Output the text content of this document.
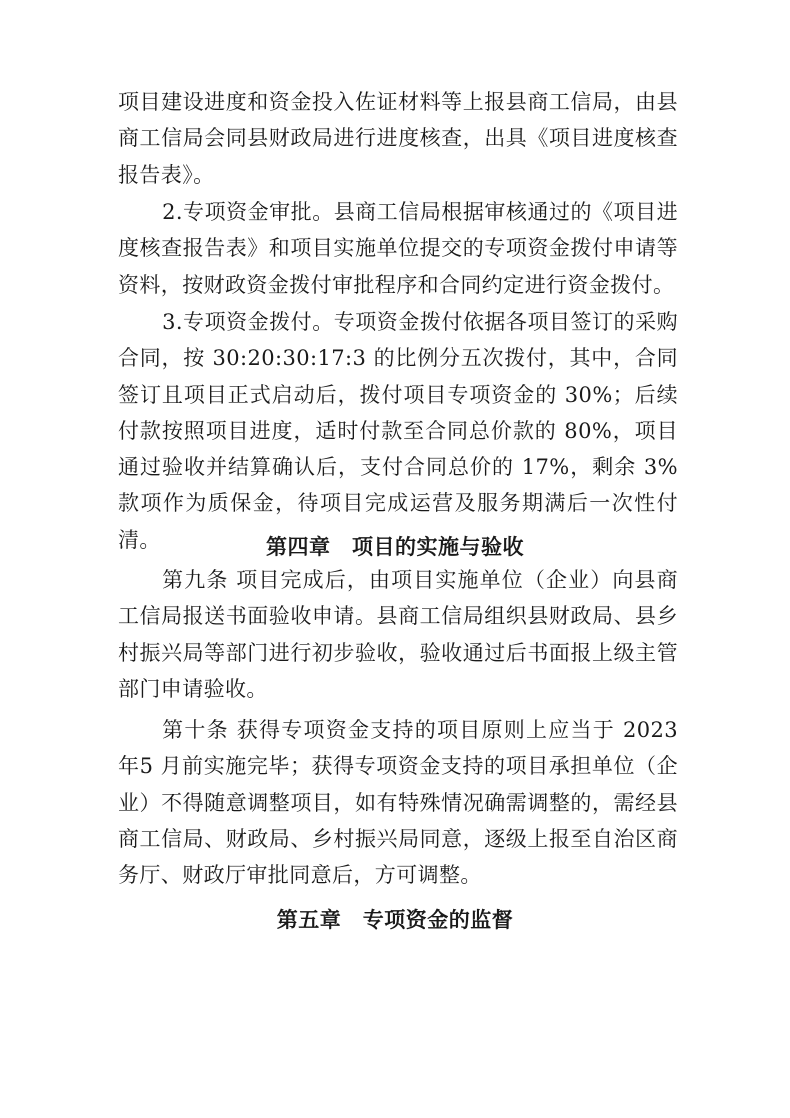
项目建设进度和资金投入佐证材料等上报县商工信局，由县商工信局会同县财政局进行进度核查，出具《项目进度核查报告表》。

2.专项资金审批。县商工信局根据审核通过的《项目进度核查报告表》和项目实施单位提交的专项资金拨付申请等资料，按财政资金拨付审批程序和合同约定进行资金拨付。

3.专项资金拨付。专项资金拨付依据各项目签订的采购合同，按 30:20:30:17:3 的比例分五次拨付，其中，合同签订且项目正式启动后，拨付项目专项资金的 30%；后续付款按照项目进度，适时付款至合同总价款的 80%，项目通过验收并结算确认后，支付合同总价的 17%，剩余 3%款项作为质保金，待项目完成运营及服务期满后一次性付清。	第四章　项目的实施与验收

第九条 项目完成后，由项目实施单位（企业）向县商工信局报送书面验收申请。县商工信局组织县财政局、县乡村振兴局等部门进行初步验收，验收通过后书面报上级主管部门申请验收。

第十条 获得专项资金支持的项目原则上应当于 2023 年5 月前实施完毕；获得专项资金支持的项目承担单位（企业）不得随意调整项目，如有特殊情况确需调整的，需经县商工信局、财政局、乡村振兴局同意，逐级上报至自治区商务厅、财政厅审批同意后，方可调整。

第五章　专项资金的监督
